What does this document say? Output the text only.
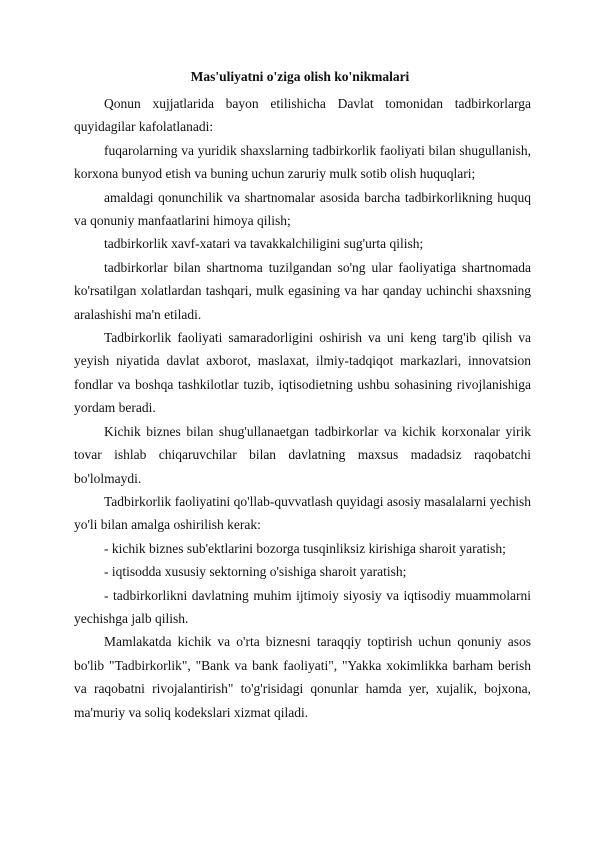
Mas'uliyatni o'ziga olish ko'nikmalari

Qonun xujjatlarida bayon etilishicha Davlat tomonidan tadbirkorlarga quyidagilar kafolatlanadi:

fuqarolarning va yuridik shaxslarning tadbirkorlik faoliyati bilan shugullanish, korxona bunyod etish va buning uchun zaruriy mulk sotib olish huquqlari;

amaldagi qonunchilik va shartnomalar asosida barcha tadbirkorlikning huquq va qonuniy manfaatlarini himoya qilish;

tadbirkorlik xavf-xatari va tavakkalchiligini sug'urta qilish;

tadbirkorlar bilan shartnoma tuzilgandan so'ng ular faoliyatiga shartnomada ko'rsatilgan xolatlardan tashqari, mulk egasining va har qanday uchinchi shaxsning aralashishi ma'n etiladi.

Tadbirkorlik faoliyati samaradorligini oshirish va uni keng targ'ib qilish va yeyish niyatida davlat axborot, maslaxat, ilmiy-tadqiqot markazlari, innovatsion fondlar va boshqa tashkilotlar tuzib, iqtisodietning ushbu sohasining rivojlanishiga yordam beradi.

Kichik biznes bilan shug'ullanaetgan tadbirkorlar va kichik korxonalar yirik tovar ishlab chiqaruvchilar bilan davlatning maxsus madadsiz raqobatchi bo'lolmaydi.

Tadbirkorlik faoliyatini qo'llab-quvvatlash quyidagi asosiy masalalarni yechish yo'li bilan amalga oshirilish kerak:

- kichik biznes sub'ektlarini bozorga tusqinliksiz kirishiga sharoit yaratish;

- iqtisodda xususiy sektorning o'sishiga sharoit yaratish;

- tadbirkorlikni davlatning muhim ijtimoiy siyosiy va iqtisodiy muammolarni yechishga jalb qilish.

Mamlakatda kichik va o'rta biznesni taraqqiy toptirish uchun qonuniy asos bo'lib "Tadbirkorlik", "Bank va bank faoliyati", "Yakka xokimlikka barham berish va raqobatni rivojalantirish" to'g'risidagi qonunlar hamda yer, xujalik, bojxona, ma'muriy va soliq kodekslari xizmat qiladi.
